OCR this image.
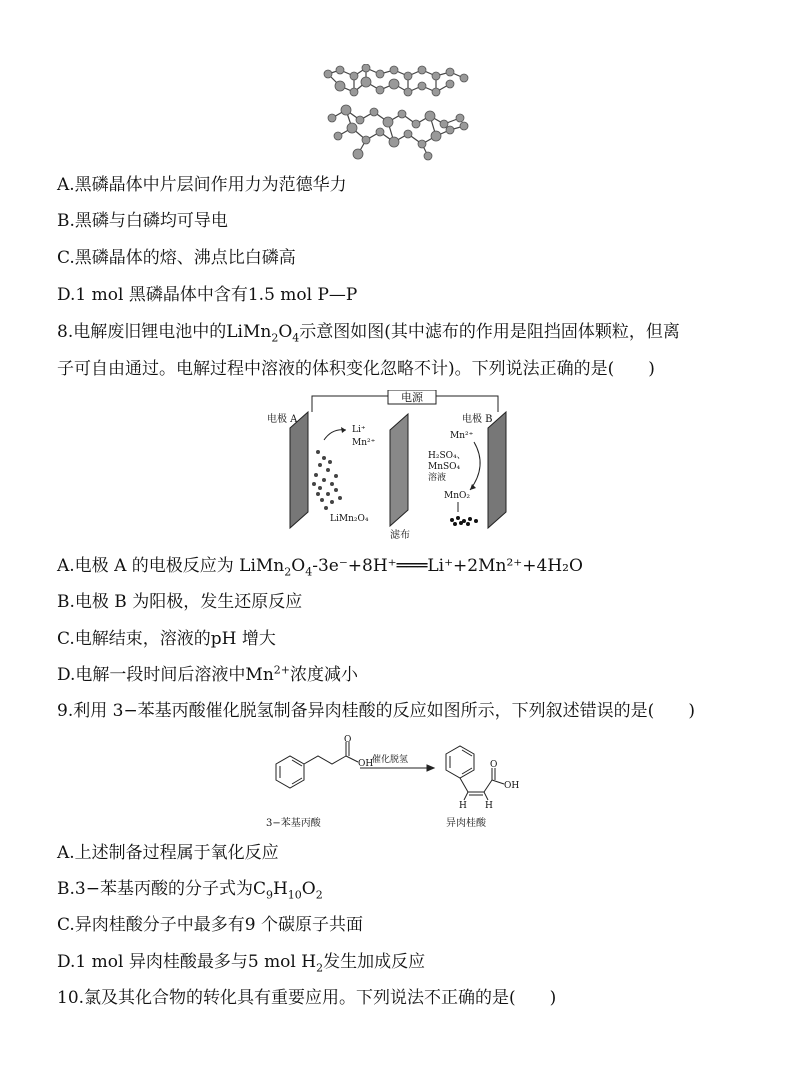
A.黑磷晶体中片层间作用力为范德华力
B.黑磷与白磷均可导电
C.黑磷晶体的熔、沸点比白磷高
D.1 mol 黑磷晶体中含有1.5 mol P—P
8.电解废旧锂电池中的$LiMn_2O_4$示意图如图(其中滤布的作用是阻挡固体颗粒，但离
子可自由通过。电解过程中溶液的体积变化忽略不计)。下列说法正确的是( )
电源
电极 A	电极 B
Li⁺
Mn²⁺
LiMn₂O₄
滤布
Mn²⁺
H₂SO₄、
MnSO₄
溶液
MnO₂
A.电极 A 的电极反应为 $LiMn_2O_4-3e^-+8H^+═══Li^++2Mn^{2+}+4H_2O$
B.电极 B 为阳极，发生还原反应
C.电解结束，溶液的pH 增大
D.电解一段时间后溶液中$Mn^{2+}$浓度减小
9.利用 3−苯基丙酸催化脱氢制备异肉桂酸的反应如图所示，下列叙述错误的是( )
O
OH
催化脱氢	O
OH
H H
3−苯基丙酸	异肉桂酸
A.上述制备过程属于氧化反应
B.3−苯基丙酸的分子式为$C_9H_{10}O_2$
C.异肉桂酸分子中最多有9 个碳原子共面
D.1 mol 异肉桂酸最多与5 mol $H_2$发生加成反应
10.氯及其化合物的转化具有重要应用。下列说法不正确的是( )
